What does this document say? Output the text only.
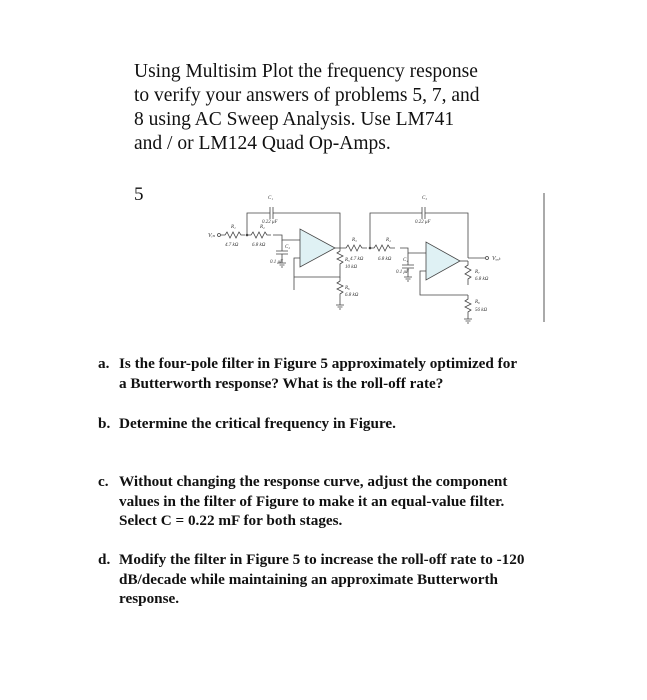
Using Multisim Plot the frequency response
to verify your answers of problems 5, 7, and
8 using AC Sweep Analysis. Use LM741
and / or LM124 Quad Op-Amps.
5
Vᵢₙ
R₁
4.7 kΩ
R₂
6.8 kΩ
C₁
0.22 μF
C₂
0.1 μF	R₅
10 kΩ
R₆
6.8 kΩ
R₃
4.7 kΩ
R₄
6.8 kΩ
C₃
0.22 μF
C₄
0.1 μF
Vₒᵤₜ
R₇
6.8 kΩ
R₈
56 kΩ
a. Is the four-pole filter in Figure 5 approximately optimized for
a Butterworth response? What is the roll-off rate?
b. Determine the critical frequency in Figure.
c. Without changing the response curve, adjust the component
values in the filter of Figure to make it an equal-value filter.
Select C = 0.22 mF for both stages.
d. Modify the filter in Figure 5 to increase the roll-off rate to -120
dB/decade while maintaining an approximate Butterworth
response.
